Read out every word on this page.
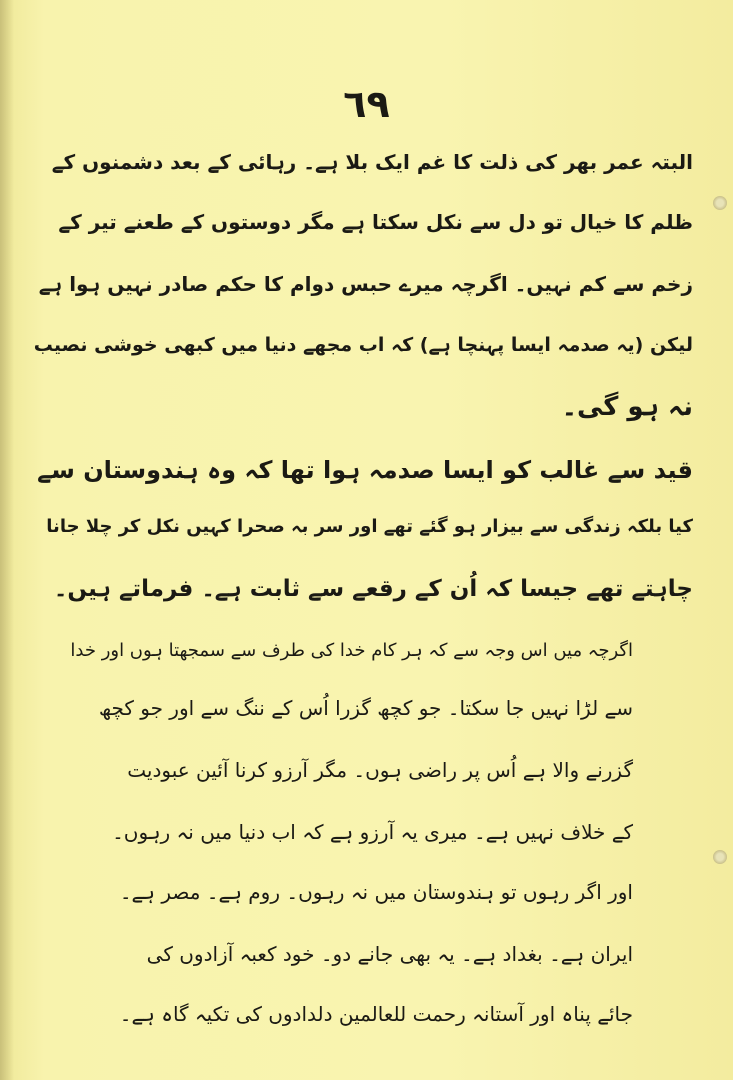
٦٩
البتہ عمر بھر کی ذلت کا غم ایک بلا ہے۔ رہائی کے بعد دشمنوں کے
ظلم کا خیال تو دل سے نکل سکتا ہے مگر دوستوں کے طعنے تیر کے
زخم سے کم نہیں۔ اگرچہ میرے حبس دوام کا حکم صادر نہیں ہوا ہے
لیکن (یہ صدمہ ایسا پہنچا ہے) کہ اب مجھے دنیا میں کبھی خوشی نصیب
نہ ہو گی۔
قید سے غالب کو ایسا صدمہ ہوا تھا کہ وہ ہندوستان سے
کیا بلکہ زندگی سے بیزار ہو گئے تھے اور سر بہ صحرا کہیں نکل کر چلا جانا
چاہتے تھے جیسا کہ اُن کے رقعے سے ثابت ہے۔ فرماتے ہیں۔
اگرچہ میں اس وجہ سے کہ ہر کام خدا کی طرف سے سمجھتا ہوں اور خدا
سے لڑا نہیں جا سکتا۔ جو کچھ گزرا اُس کے ننگ سے اور جو کچھ
گزرنے والا ہے اُس پر راضی ہوں۔ مگر آرزو کرنا آئین عبودیت
کے خلاف نہیں ہے۔ میری یہ آرزو ہے کہ اب دنیا میں نہ رہوں۔
اور اگر رہوں تو ہندوستان میں نہ رہوں۔ روم ہے۔ مصر ہے۔
ایران ہے۔ بغداد ہے۔ یہ بھی جانے دو۔ خود کعبہ آزادوں کی
جائے پناہ اور آستانہ رحمت للعالمین دلدادوں کی تکیہ گاہ ہے۔
